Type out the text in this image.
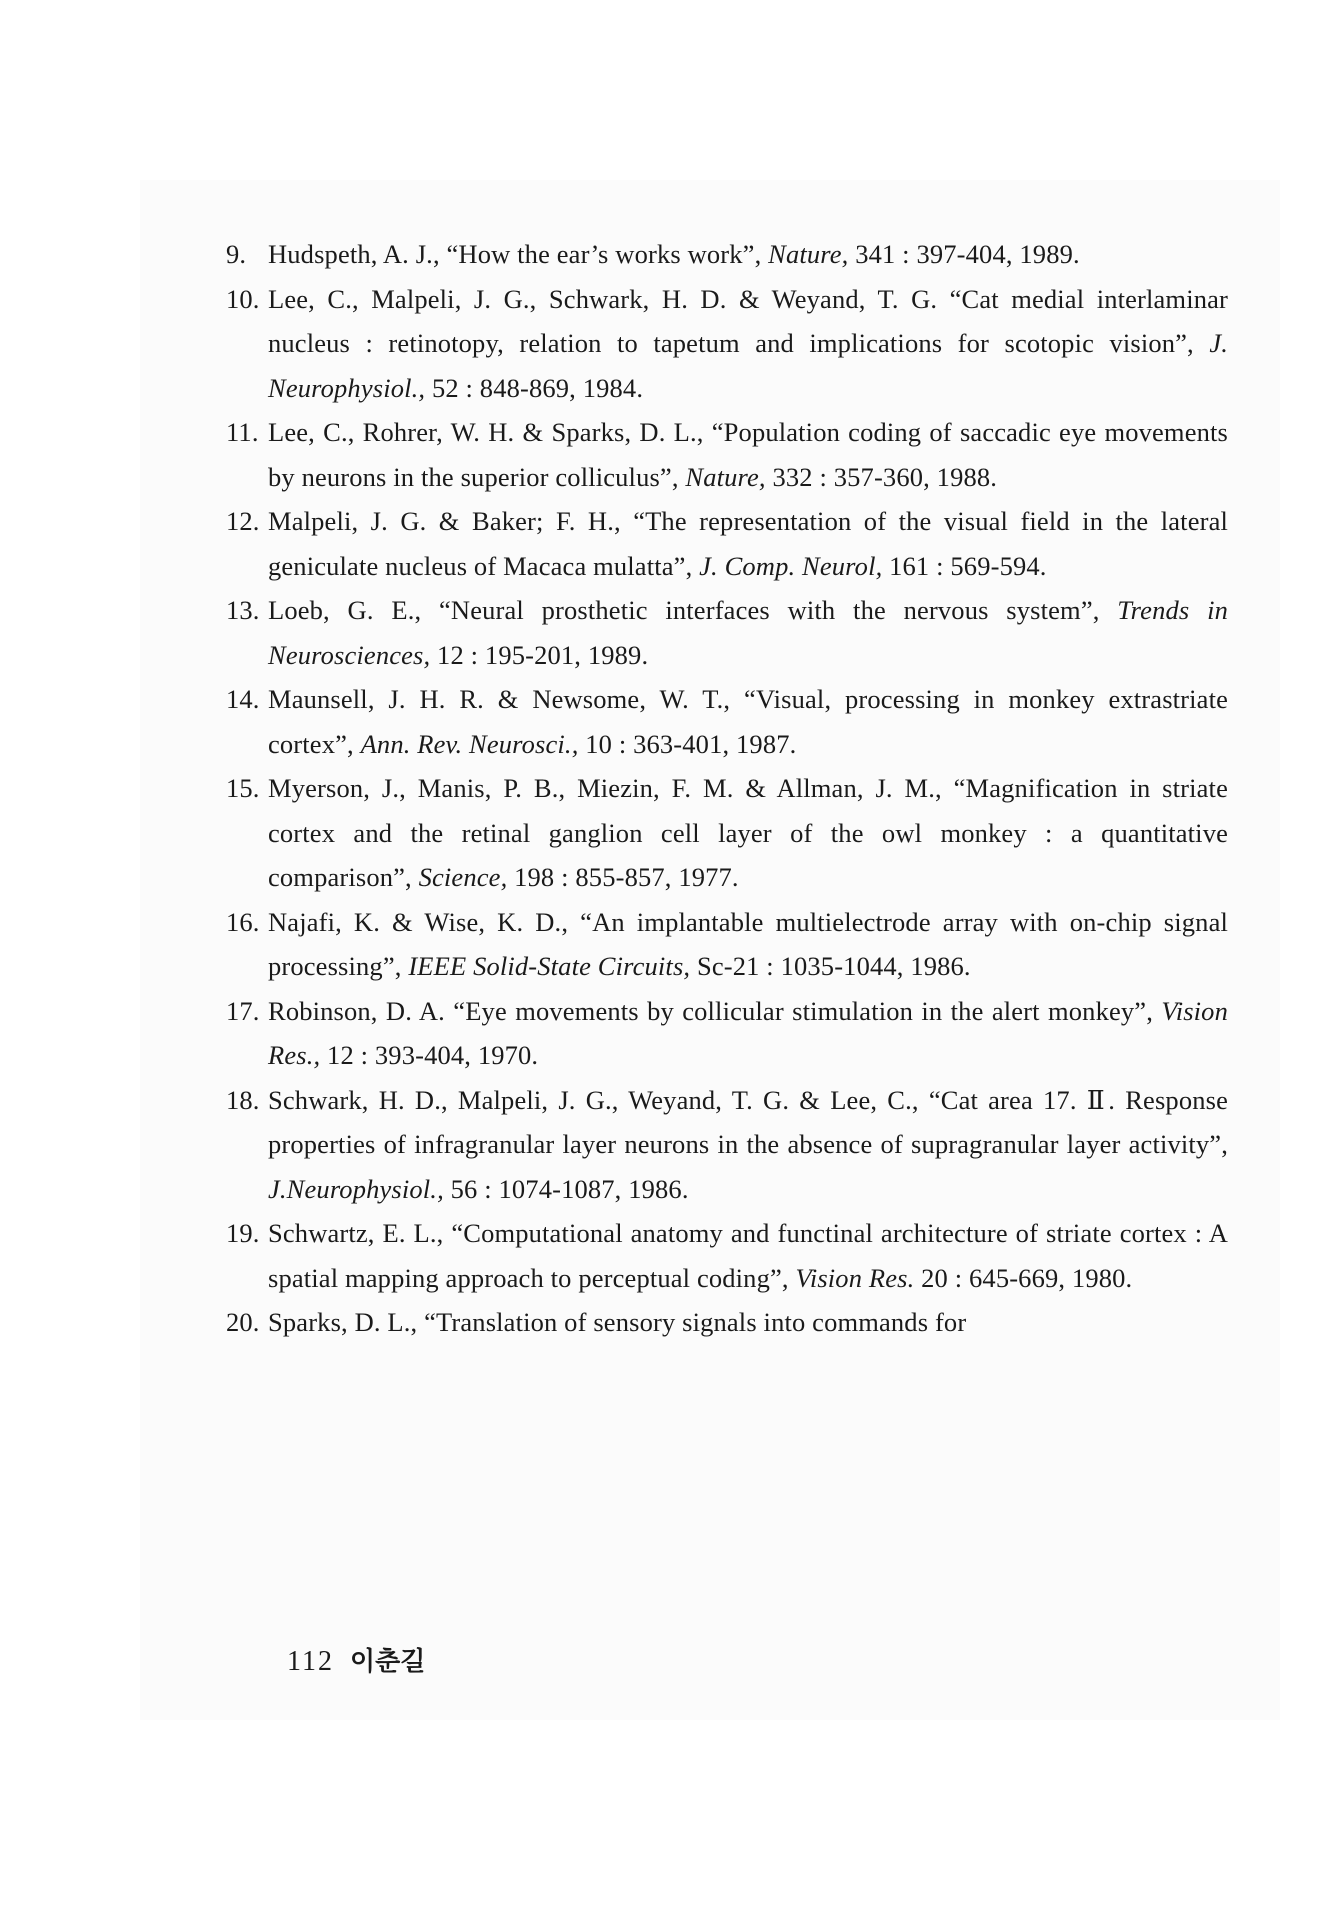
9. Hudspeth, A. J., “How the ear’s works work”, Nature, 341 : 397-404, 1989.
10. Lee, C., Malpeli, J. G., Schwark, H. D. & Weyand, T. G. “Cat medial interlaminar nucleus : retinotopy, relation to tapetum and implications for scotopic vision”, J. Neurophysiol., 52 : 848-869, 1984.
11. Lee, C., Rohrer, W. H. & Sparks, D. L., “Population coding of saccadic eye movements by neurons in the superior colliculus”, Nature, 332 : 357-360, 1988.
12. Malpeli, J. G. & Baker; F. H., “The representation of the visual field in the lateral geniculate nucleus of Macaca mulatta”, J. Comp. Neurol, 161 : 569-594.
13. Loeb, G. E., “Neural prosthetic interfaces with the nervous system”, Trends in Neurosciences, 12 : 195-201, 1989.
14. Maunsell, J. H. R. & Newsome, W. T., “Visual, processing in monkey extrastriate cortex”, Ann. Rev. Neurosci., 10 : 363-401, 1987.
15. Myerson, J., Manis, P. B., Miezin, F. M. & Allman, J. M., “Magnification in striate cortex and the retinal ganglion cell layer of the owl monkey : a quantitative comparison”, Science, 198 : 855-857, 1977.
16. Najafi, K. & Wise, K. D., “An implantable multielectrode array with on-chip signal processing”, IEEE Solid-State Circuits, Sc-21 : 1035-1044, 1986.
17. Robinson, D. A. “Eye movements by collicular stimulation in the alert monkey”, Vision Res., 12 : 393-404, 1970.
18. Schwark, H. D., Malpeli, J. G., Weyand, T. G. & Lee, C., “Cat area 17. Ⅱ. Response properties of infragranular layer neurons in the absence of supragranular layer activity”, J.Neurophysiol., 56 : 1074-1087, 1986.
19. Schwartz, E. L., “Computational anatomy and functinal architecture of striate cortex : A spatial mapping approach to perceptual coding”, Vision Res. 20 : 645-669, 1980.
20. Sparks, D. L., “Translation of sensory signals into commands for
112 이춘길
